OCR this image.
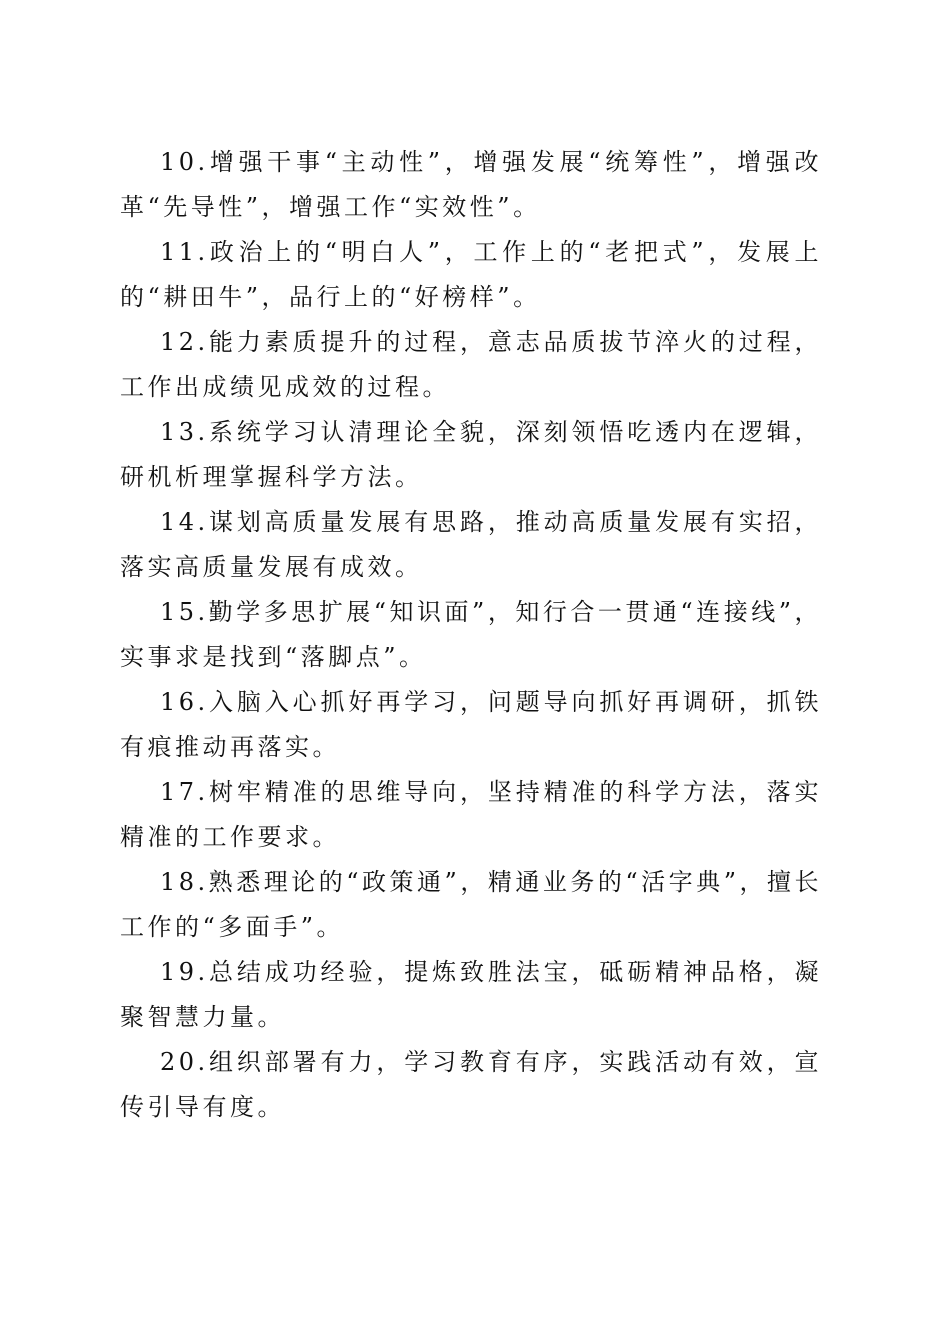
10.增强干事“主动性”，增强发展“统筹性”，增强改革“先导性”，增强工作“实效性”。

11.政治上的“明白人”，工作上的“老把式”，发展上的“耕田牛”，品行上的“好榜样”。

12.能力素质提升的过程，意志品质拔节淬火的过程，工作出成绩见成效的过程。

13.系统学习认清理论全貌，深刻领悟吃透内在逻辑，研机析理掌握科学方法。

14.谋划高质量发展有思路，推动高质量发展有实招，落实高质量发展有成效。

15.勤学多思扩展“知识面”，知行合一贯通“连接线”，实事求是找到“落脚点”。

16.入脑入心抓好再学习，问题导向抓好再调研，抓铁有痕推动再落实。

17.树牢精准的思维导向，坚持精准的科学方法，落实精准的工作要求。

18.熟悉理论的“政策通”，精通业务的“活字典”，擅长工作的“多面手”。

19.总结成功经验，提炼致胜法宝，砥砺精神品格，凝聚智慧力量。

20.组织部署有力，学习教育有序，实践活动有效，宣传引导有度。
